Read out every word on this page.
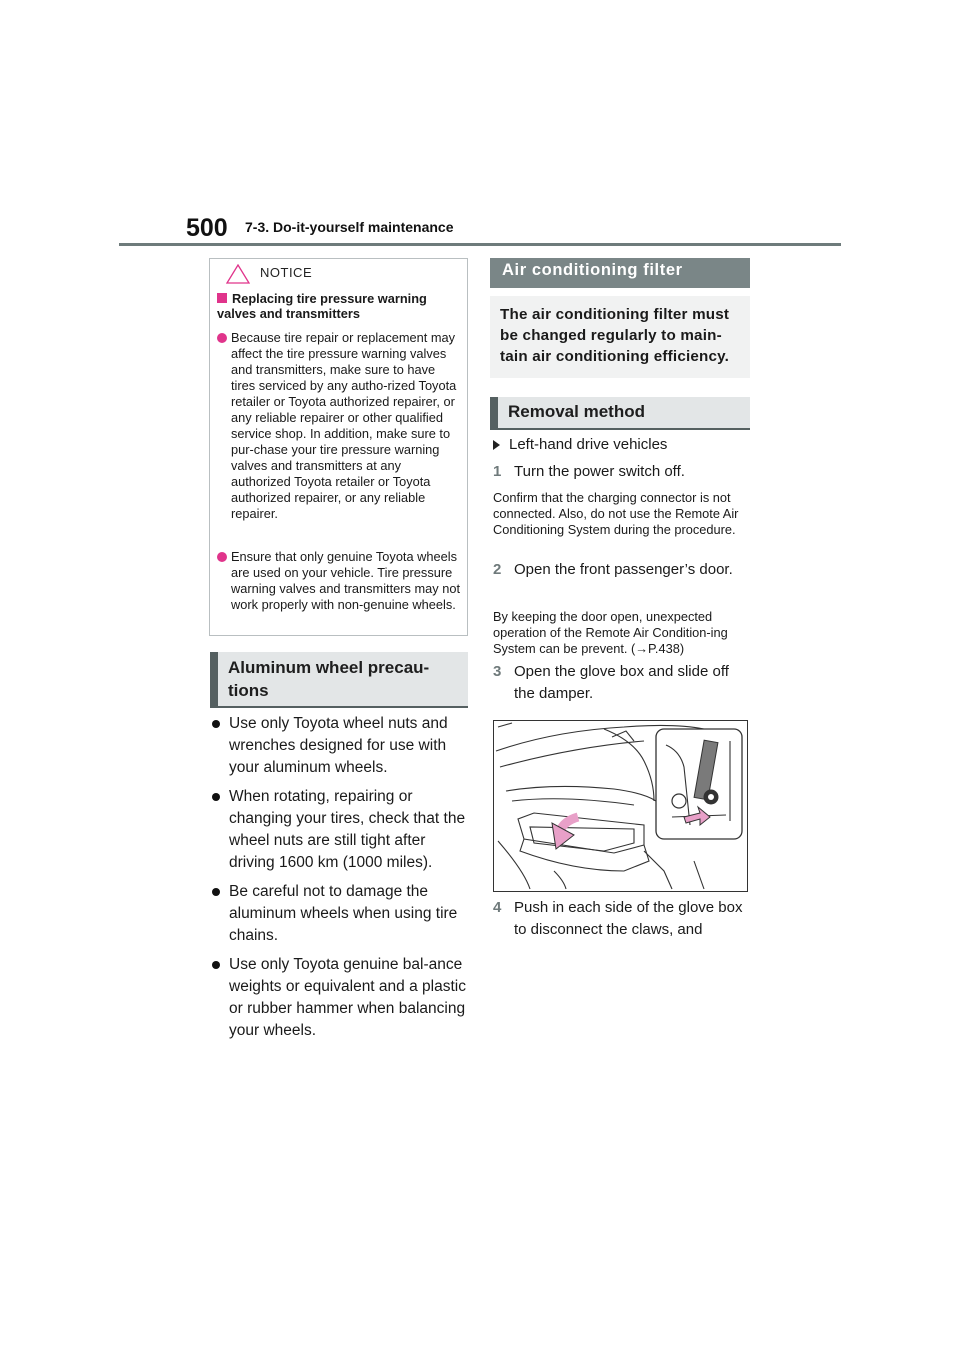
500 7-3. Do-it-yourself maintenance
NOTICE
Replacing tire pressure warning valves and transmitters
Because tire repair or replacement may affect the tire pressure warning valves and transmitters, make sure to have tires serviced by any autho-rized Toyota retailer or Toyota authorized repairer, or any reliable repairer or other qualified service shop. In addition, make sure to pur-chase your tire pressure warning valves and transmitters at any authorized Toyota retailer or Toyota authorized repairer, or any reliable repairer.
Ensure that only genuine Toyota wheels are used on your vehicle. Tire pressure warning valves and transmitters may not work properly with non-genuine wheels.
Aluminum wheel precau-
tions
Use only Toyota wheel nuts and wrenches designed for use with your aluminum wheels.
When rotating, repairing or changing your tires, check that the wheel nuts are still tight after driving 1600 km (1000 miles).
Be careful not to damage the aluminum wheels when using tire chains.
Use only Toyota genuine bal-ance weights or equivalent and a plastic or rubber hammer when balancing your wheels.
Air conditioning filter
The air conditioning filter must be changed regularly to main-tain air conditioning efficiency.
Removal method
Left-hand drive vehicles
1 Turn the power switch off.
Confirm that the charging connector is not connected. Also, do not use the Remote Air Conditioning System during the procedure.
2 Open the front passenger’s door.
By keeping the door open, unexpected operation of the Remote Air Condition-ing System can be prevent. (→P.438)
3 Open the glove box and slide off the damper.
4 Push in each side of the glove box to disconnect the claws, and
